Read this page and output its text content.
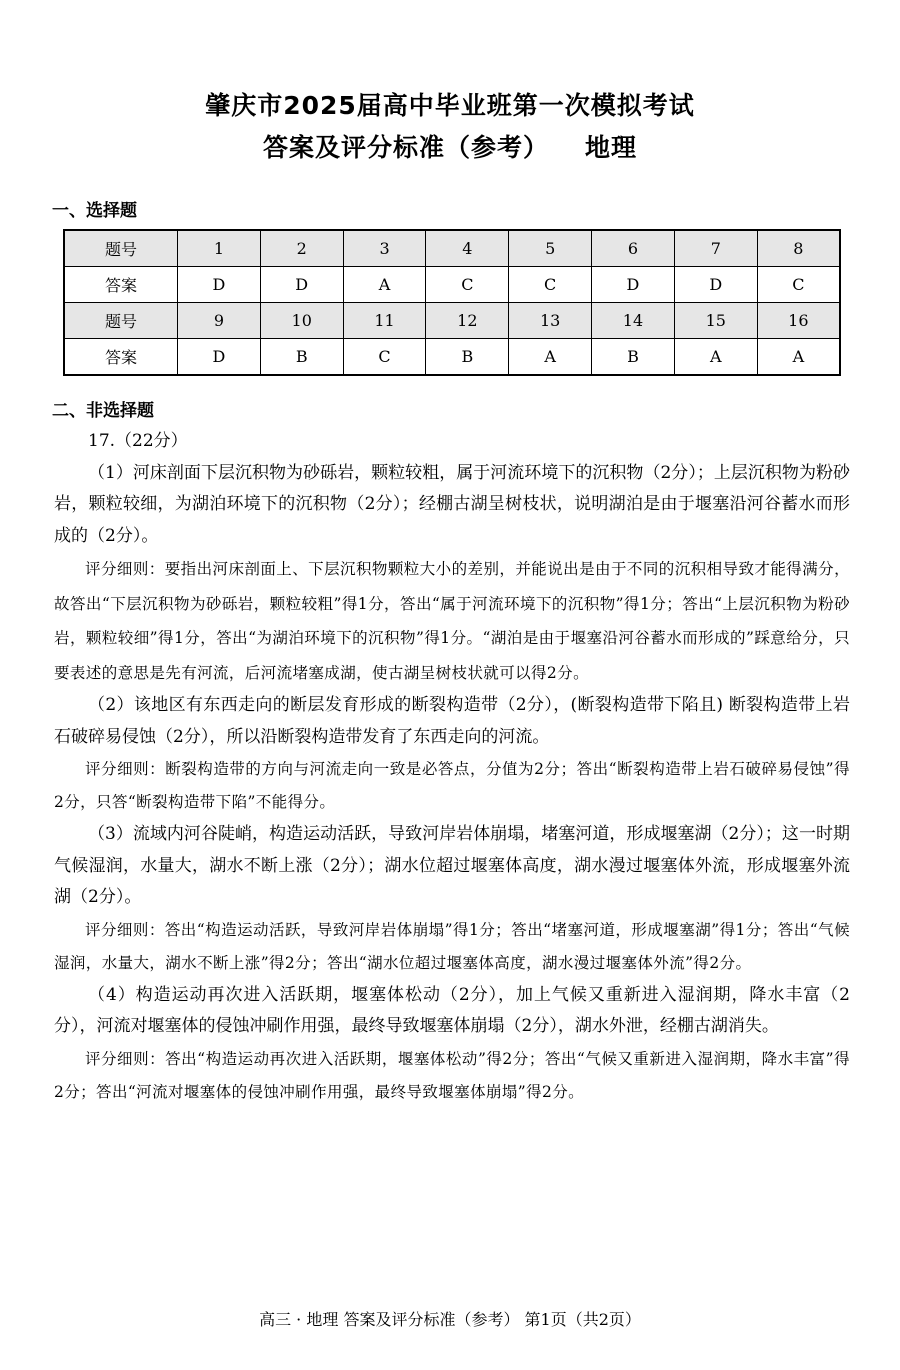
肇庆市2025届高中毕业班第一次模拟考试
答案及评分标准（参考） 地理
一、选择题
题号	1	2	3	4	5	6	7	8
答案	D	D	A	C	C	D	D	C
题号	9	10	11	12	13	14	15	16
答案	D	B	C	B	A	B	A	A
二、非选择题

17.（22分）

（1）河床剖面下层沉积物为砂砾岩，颗粒较粗，属于河流环境下的沉积物（2分）；上层沉积物为粉砂岩，颗粒较细，为湖泊环境下的沉积物（2分）；经棚古湖呈树枝状，说明湖泊是由于堰塞沿河谷蓄水而形成的（2分）。

评分细则：要指出河床剖面上、下层沉积物颗粒大小的差别，并能说出是由于不同的沉积相导致才能得满分，故答出“下层沉积物为砂砾岩，颗粒较粗”得1分，答出“属于河流环境下的沉积物”得1分；答出“上层沉积物为粉砂岩，颗粒较细”得1分，答出“为湖泊环境下的沉积物”得1分。“湖泊是由于堰塞沿河谷蓄水而形成的”踩意给分，只要表述的意思是先有河流，后河流堵塞成湖，使古湖呈树枝状就可以得2分。

（2）该地区有东西走向的断层发育形成的断裂构造带（2分），(断裂构造带下陷且) 断裂构造带上岩石破碎易侵蚀（2分），所以沿断裂构造带发育了东西走向的河流。

评分细则：断裂构造带的方向与河流走向一致是必答点，分值为2分；答出“断裂构造带上岩石破碎易侵蚀”得2分，只答“断裂构造带下陷”不能得分。

（3）流域内河谷陡峭，构造运动活跃，导致河岸岩体崩塌，堵塞河道，形成堰塞湖（2分）；这一时期气候湿润，水量大，湖水不断上涨（2分）；湖水位超过堰塞体高度，湖水漫过堰塞体外流，形成堰塞外流湖（2分）。

评分细则：答出“构造运动活跃，导致河岸岩体崩塌”得1分；答出“堵塞河道，形成堰塞湖”得1分；答出“气候湿润，水量大，湖水不断上涨”得2分；答出“湖水位超过堰塞体高度，湖水漫过堰塞体外流”得2分。

（4）构造运动再次进入活跃期，堰塞体松动（2分），加上气候又重新进入湿润期，降水丰富（2分），河流对堰塞体的侵蚀冲刷作用强，最终导致堰塞体崩塌（2分），湖水外泄，经棚古湖消失。

评分细则：答出“构造运动再次进入活跃期，堰塞体松动”得2分；答出“气候又重新进入湿润期，降水丰富”得2分；答出“河流对堰塞体的侵蚀冲刷作用强，最终导致堰塞体崩塌”得2分。

高三 · 地理 答案及评分标准（参考） 第1页（共2页）
